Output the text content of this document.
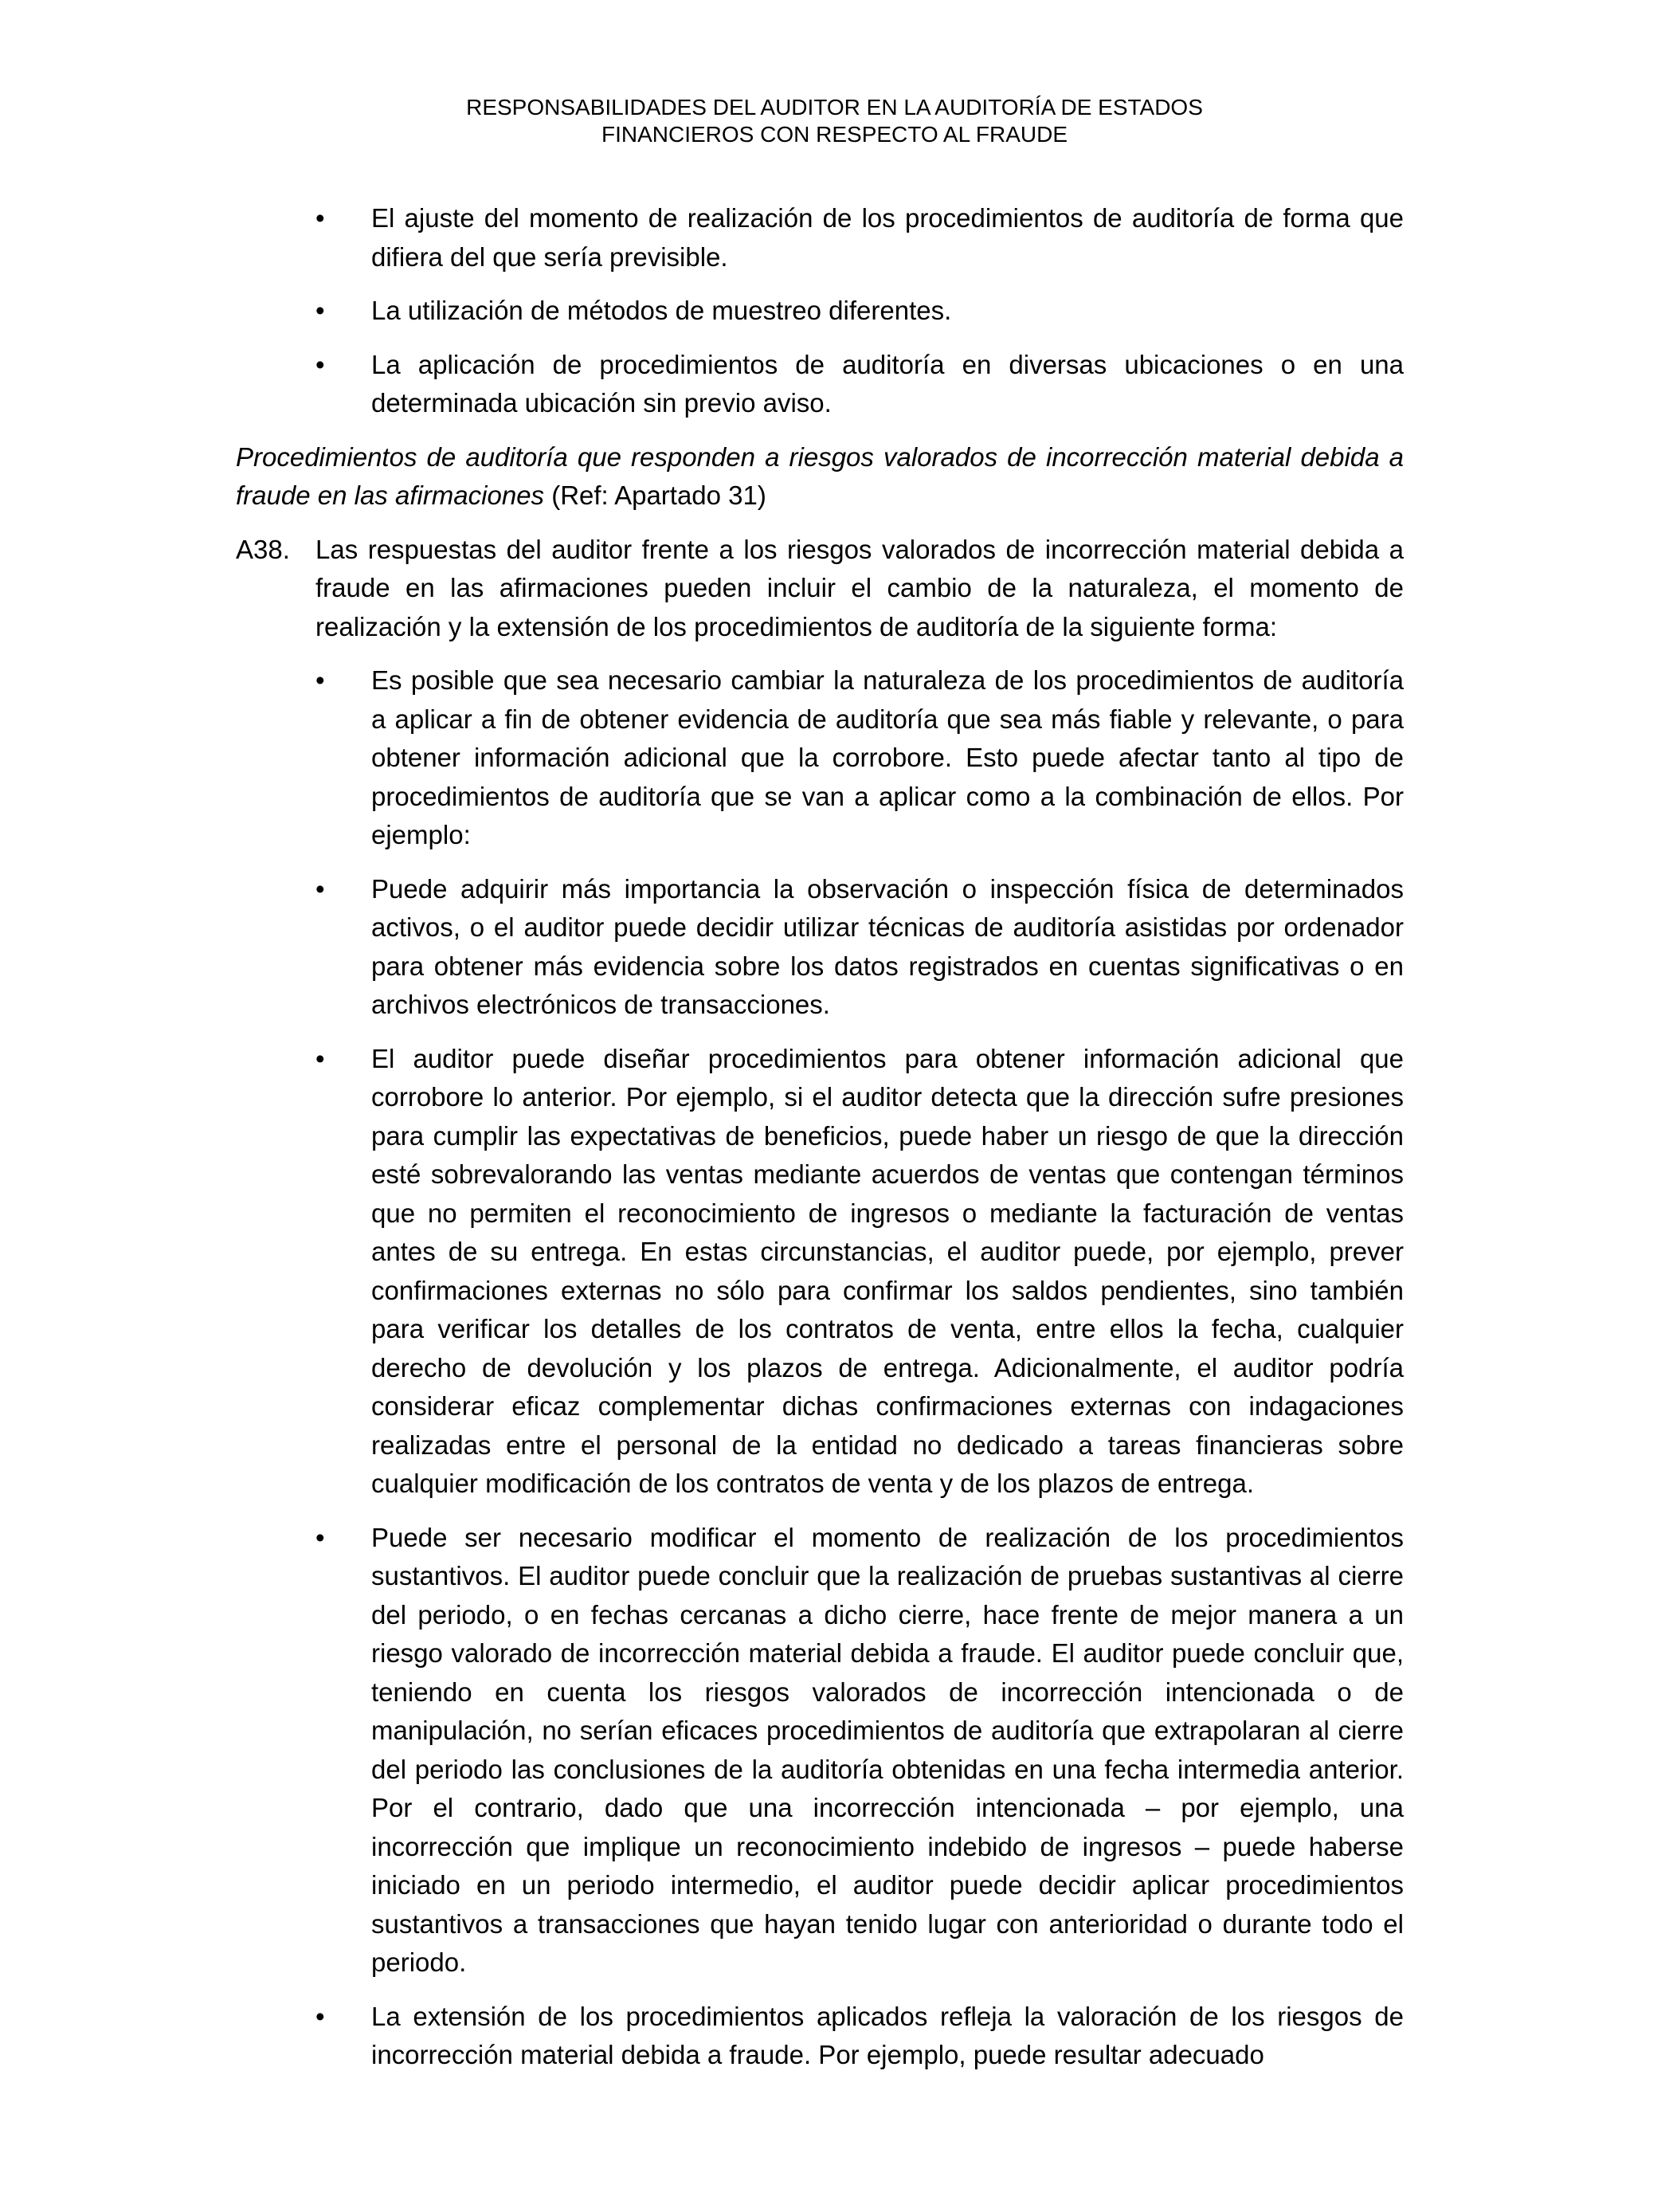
RESPONSABILIDADES DEL AUDITOR EN LA AUDITORÍA DE ESTADOS
FINANCIEROS CON RESPECTO AL FRAUDE
• El ajuste del momento de realización de los procedimientos de auditoría de forma que difiera del que sería previsible.
• La utilización de métodos de muestreo diferentes.
• La aplicación de procedimientos de auditoría en diversas ubicaciones o en una determinada ubicación sin previo aviso.

Procedimientos de auditoría que responden a riesgos valorados de incorrección material debida a fraude en las afirmaciones (Ref: Apartado 31)

A38. Las respuestas del auditor frente a los riesgos valorados de incorrección material debida a fraude en las afirmaciones pueden incluir el cambio de la naturaleza, el momento de realización y la extensión de los procedimientos de auditoría de la siguiente forma:

• Es posible que sea necesario cambiar la naturaleza de los procedimientos de auditoría a aplicar a fin de obtener evidencia de auditoría que sea más fiable y relevante, o para obtener información adicional que la corrobore. Esto puede afectar tanto al tipo de procedimientos de auditoría que se van a aplicar como a la combinación de ellos. Por ejemplo:
• Puede adquirir más importancia la observación o inspección física de determinados activos, o el auditor puede decidir utilizar técnicas de auditoría asistidas por ordenador para obtener más evidencia sobre los datos registrados en cuentas significativas o en archivos electrónicos de transacciones.
• El auditor puede diseñar procedimientos para obtener información adicional que corrobore lo anterior. Por ejemplo, si el auditor detecta que la dirección sufre presiones para cumplir las expectativas de beneficios, puede haber un riesgo de que la dirección esté sobrevalorando las ventas mediante acuerdos de ventas que contengan términos que no permiten el reconocimiento de ingresos o mediante la facturación de ventas antes de su entrega. En estas circunstancias, el auditor puede, por ejemplo, prever confirmaciones externas no sólo para confirmar los saldos pendientes, sino también para verificar los detalles de los contratos de venta, entre ellos la fecha, cualquier derecho de devolución y los plazos de entrega. Adicionalmente, el auditor podría considerar eficaz complementar dichas confirmaciones externas con indagaciones realizadas entre el personal de la entidad no dedicado a tareas financieras sobre cualquier modificación de los contratos de venta y de los plazos de entrega.
• Puede ser necesario modificar el momento de realización de los procedimientos sustantivos. El auditor puede concluir que la realización de pruebas sustantivas al cierre del periodo, o en fechas cercanas a dicho cierre, hace frente de mejor manera a un riesgo valorado de incorrección material debida a fraude. El auditor puede concluir que, teniendo en cuenta los riesgos valorados de incorrección intencionada o de manipulación, no serían eficaces procedimientos de auditoría que extrapolaran al cierre del periodo las conclusiones de la auditoría obtenidas en una fecha intermedia anterior. Por el contrario, dado que una incorrección intencionada – por ejemplo, una incorrección que implique un reconocimiento indebido de ingresos – puede haberse iniciado en un periodo intermedio, el auditor puede decidir aplicar procedimientos sustantivos a transacciones que hayan tenido lugar con anterioridad o durante todo el periodo.
• La extensión de los procedimientos aplicados refleja la valoración de los riesgos de incorrección material debida a fraude. Por ejemplo, puede resultar adecuado
